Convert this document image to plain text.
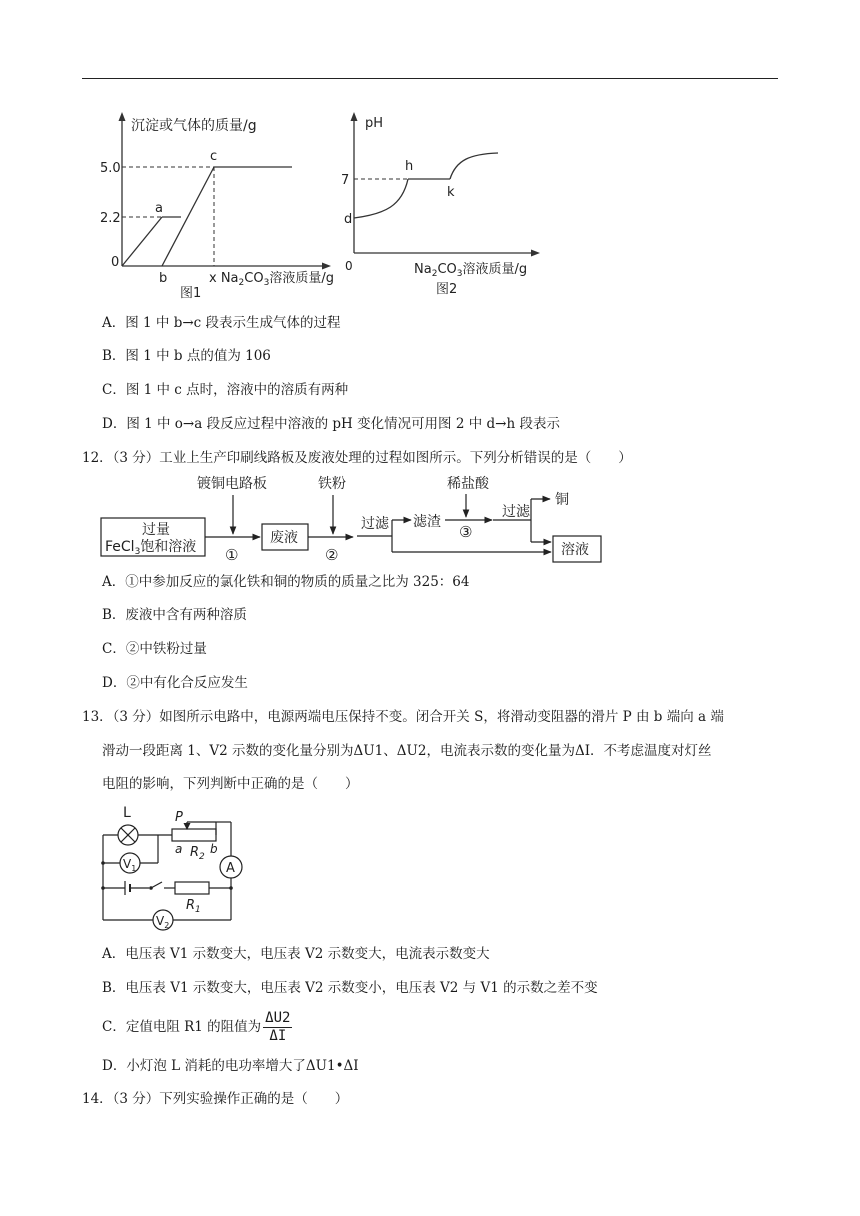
沉淀或气体的质量/g
5.0
2.2
0
a
b
c
x $Na_2CO_3$溶液质量/g
图1
pH
7
d
h
k
0	$Na_2CO_3$溶液质量/g
图2
A．图 1 中 b→c 段表示生成气体的过程
B．图 1 中 b 点的值为 106
C．图 1 中 c 点时，溶液中的溶质有两种
D．图 1 中 o→a 段反应过程中溶液的 pH 变化情况可用图 2 中 d→h 段表示
12．（3 分）工业上生产印刷线路板及废液处理的过程如图所示。下列分析错误的是（　　）
过量
FeCl$_3$饱和溶液
镀铜电路板
①
废液
铁粉
②
过滤 滤渣
稀盐酸
③
过滤
铜
溶液
A．①中参加反应的氯化铁和铜的物质的质量之比为 325：64
B．废液中含有两种溶质
C．②中铁粉过量
D．②中有化合反应发生
13．（3 分）如图所示电路中，电源两端电压保持不变。闭合开关 S，将滑动变阻器的滑片 P 由 b 端向 a 端
滑动一段距离 1、V2 示数的变化量分别为ΔU1、ΔU2，电流表示数的变化量为ΔI．不考虑温度对灯丝
电阻的影响，下列判断中正确的是（　　）
L	P
a $R_2$
b
$V_1$	A
$R_1$
$V_2$
A．电压表 V1 示数变大，电压表 V2 示数变大，电流表示数变大
B．电压表 V1 示数变大，电压表 V2 示数变小，电压表 V2 与 V1 的示数之差不变
C．定值电阻 R1 的阻值为 $\frac{\Delta U2}{\Delta I}$
D．小灯泡 L 消耗的电功率增大了ΔU1•ΔI
14．（3 分）下列实验操作正确的是（　　）
